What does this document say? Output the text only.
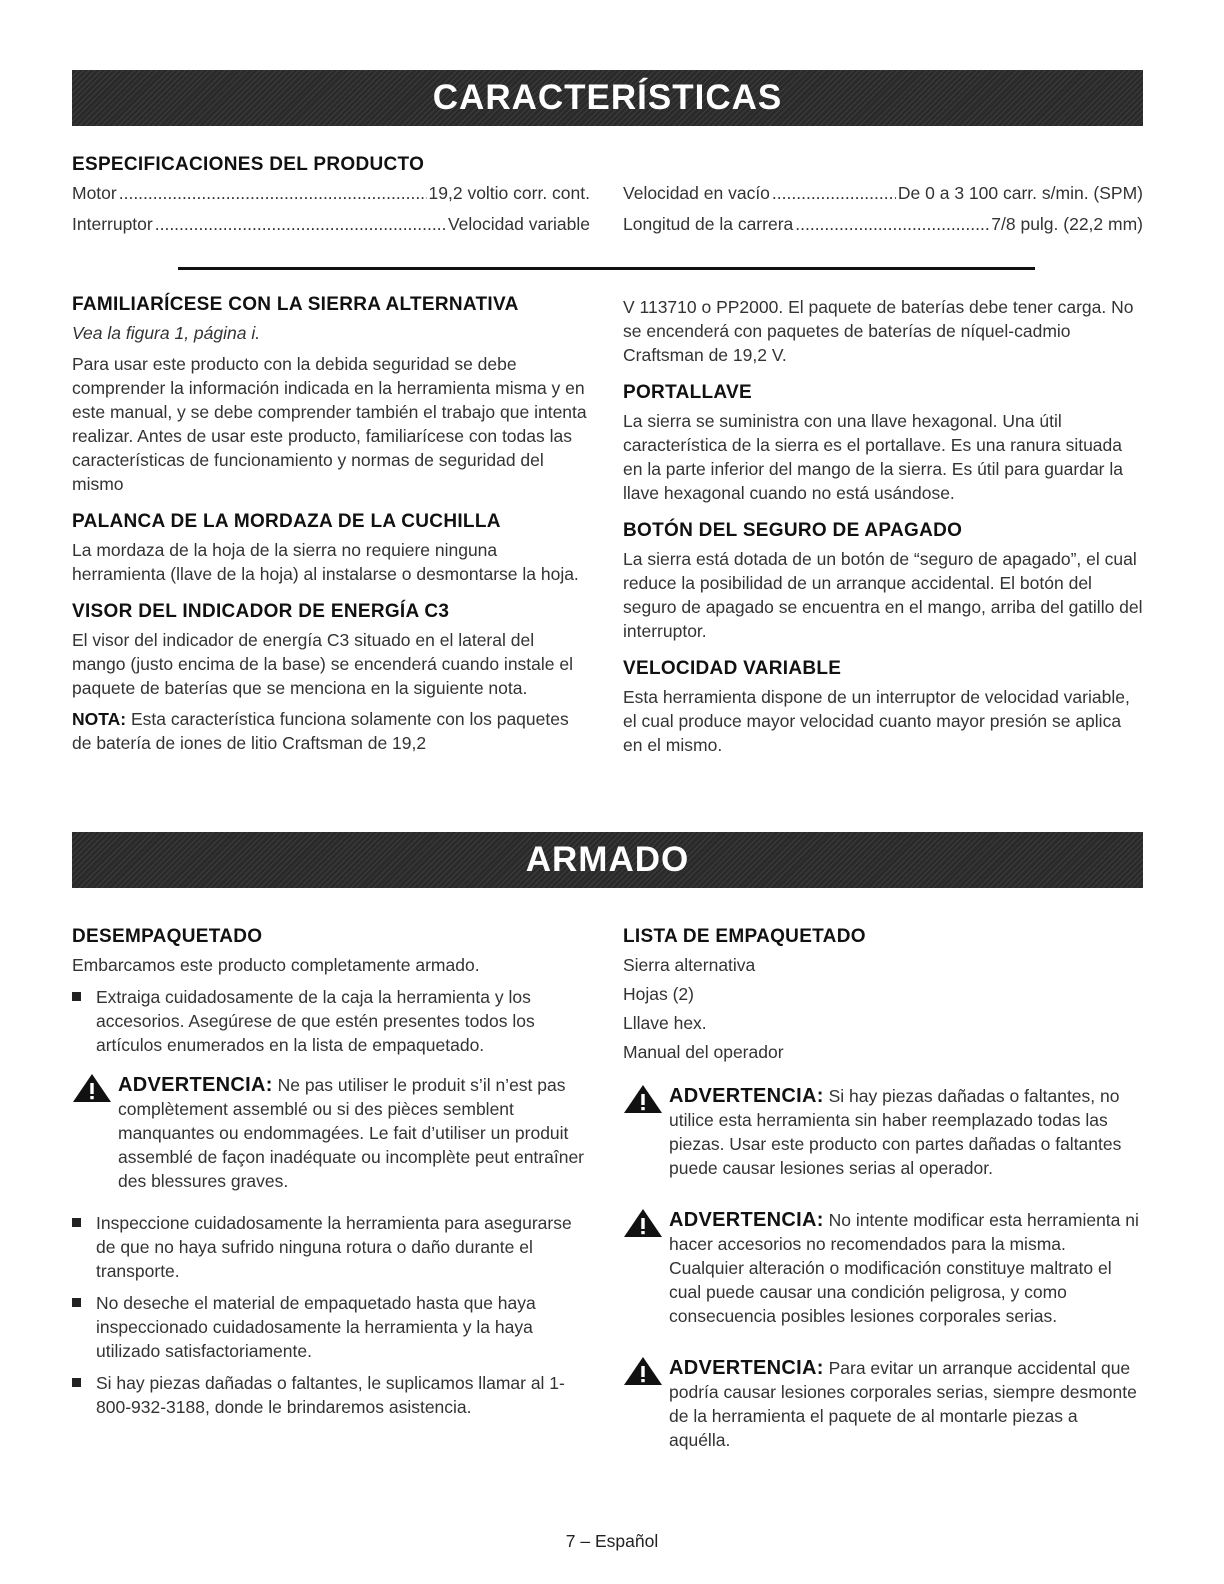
CARACTERÍSTICAS
ESPECIFICACIONES DEL PRODUCTO
Motor .....	19,2 voltio corr. cont.
Interruptor .....	Velocidad variable
Velocidad en vacío .....	De 0 a 3 100 carr. s/min. (SPM)
Longitud de la carrera .....	7/8 pulg. (22,2 mm)
FAMILIARÍCESE CON LA SIERRA ALTERNATIVA

Vea la figura 1, página i.

Para usar este producto con la debida seguridad se debe comprender la información indicada en la herramienta misma y en este manual, y se debe comprender también el trabajo que intenta realizar. Antes de usar este producto, familiarícese con todas las características de funcionamiento y normas de seguridad del mismo

PALANCA DE LA MORDAZA DE LA CUCHILLA

La mordaza de la hoja de la sierra no requiere ninguna herramienta (llave de la hoja) al instalarse o desmontarse la hoja.

VISOR DEL INDICADOR DE ENERGÍA C3

El visor del indicador de energía C3 situado en el lateral del mango (justo encima de la base) se encenderá cuando instale el paquete de baterías que se menciona en la siguiente nota.

NOTA: Esta característica funciona solamente con los paquetes de batería de iones de litio Craftsman de 19,2

V 113710 o PP2000. El paquete de baterías debe tener carga. No se encenderá con paquetes de baterías de níquel-cadmio Craftsman de 19,2 V.

PORTALLAVE

La sierra se suministra con una llave hexagonal. Una útil característica de la sierra es el portallave. Es una ranura situada en la parte inferior del mango de la sierra. Es útil para guardar la llave hexagonal cuando no está usándose.

BOTÓN DEL SEGURO DE APAGADO

La sierra está dotada de un botón de “seguro de apagado”, el cual reduce la posibilidad de un arranque accidental. El botón del seguro de apagado se encuentra en el mango, arriba del gatillo del interruptor.

VELOCIDAD VARIABLE

Esta herramienta dispone de un interruptor de velocidad variable, el cual produce mayor velocidad cuanto mayor presión se aplica en el mismo.

ARMADO
DESEMPAQUETADO

Embarcamos este producto completamente armado.

Extraiga cuidadosamente de la caja la herramienta y los accesorios. Asegúrese de que estén presentes todos los artículos enumerados en la lista de empaquetado.

ADVERTENCIA: Ne pas utiliser le produit s’il n’est pas complètement assemblé ou si des pièces semblent manquantes ou endommagées. Le fait d’utiliser un produit assemblé de façon inadéquate ou incomplète peut entraîner des blessures graves.

Inspeccione cuidadosamente la herramienta para asegurarse de que no haya sufrido ninguna rotura o daño durante el transporte.
No deseche el material de empaquetado hasta que haya inspeccionado cuidadosamente la herramienta y la haya utilizado satisfactoriamente.
Si hay piezas dañadas o faltantes, le suplicamos llamar al 1-800-932-3188, donde le brindaremos asistencia.
LISTA DE EMPAQUETADO

Sierra alternativa

Hojas (2)

Lllave hex.

Manual del operador

ADVERTENCIA: Si hay piezas dañadas o faltantes, no utilice esta herramienta sin haber reemplazado todas las piezas. Usar este producto con partes dañadas o faltantes puede causar lesiones serias al operador.

ADVERTENCIA: No intente modificar esta herramienta ni hacer accesorios no recomendados para la misma. Cualquier alteración o modificación constituye maltrato el cual puede causar una condición peligrosa, y como consecuencia posibles lesiones corporales serias.

ADVERTENCIA: Para evitar un arranque accidental que podría causar lesiones corporales serias, siempre desmonte de la herramienta el paquete de al montarle piezas a aquélla.

7 – Español
